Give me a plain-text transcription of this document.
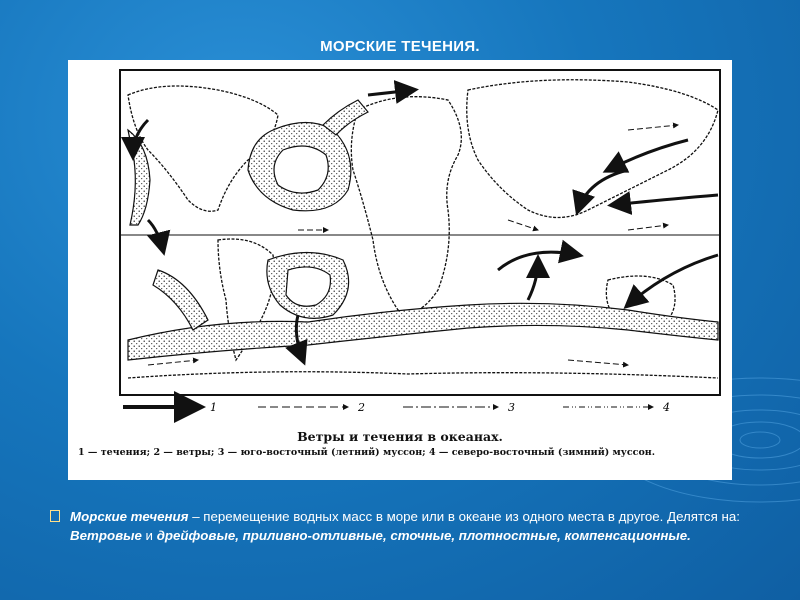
МОРСКИЕ ТЕЧЕНИЯ.
1	2	3	4
Ветры и течения в океанах.
1 — течения; 2 — ветры; 3 — юго-восточный (летний) муссон; 4 — северо-восточный (зимний) муссон.
Морские течения – перемещение водных масс в море или в океане из одного места в другое. Делятся на: Ветровые и дрейфовые, приливно-отливные, сточные, плотностные, компенсационные.
